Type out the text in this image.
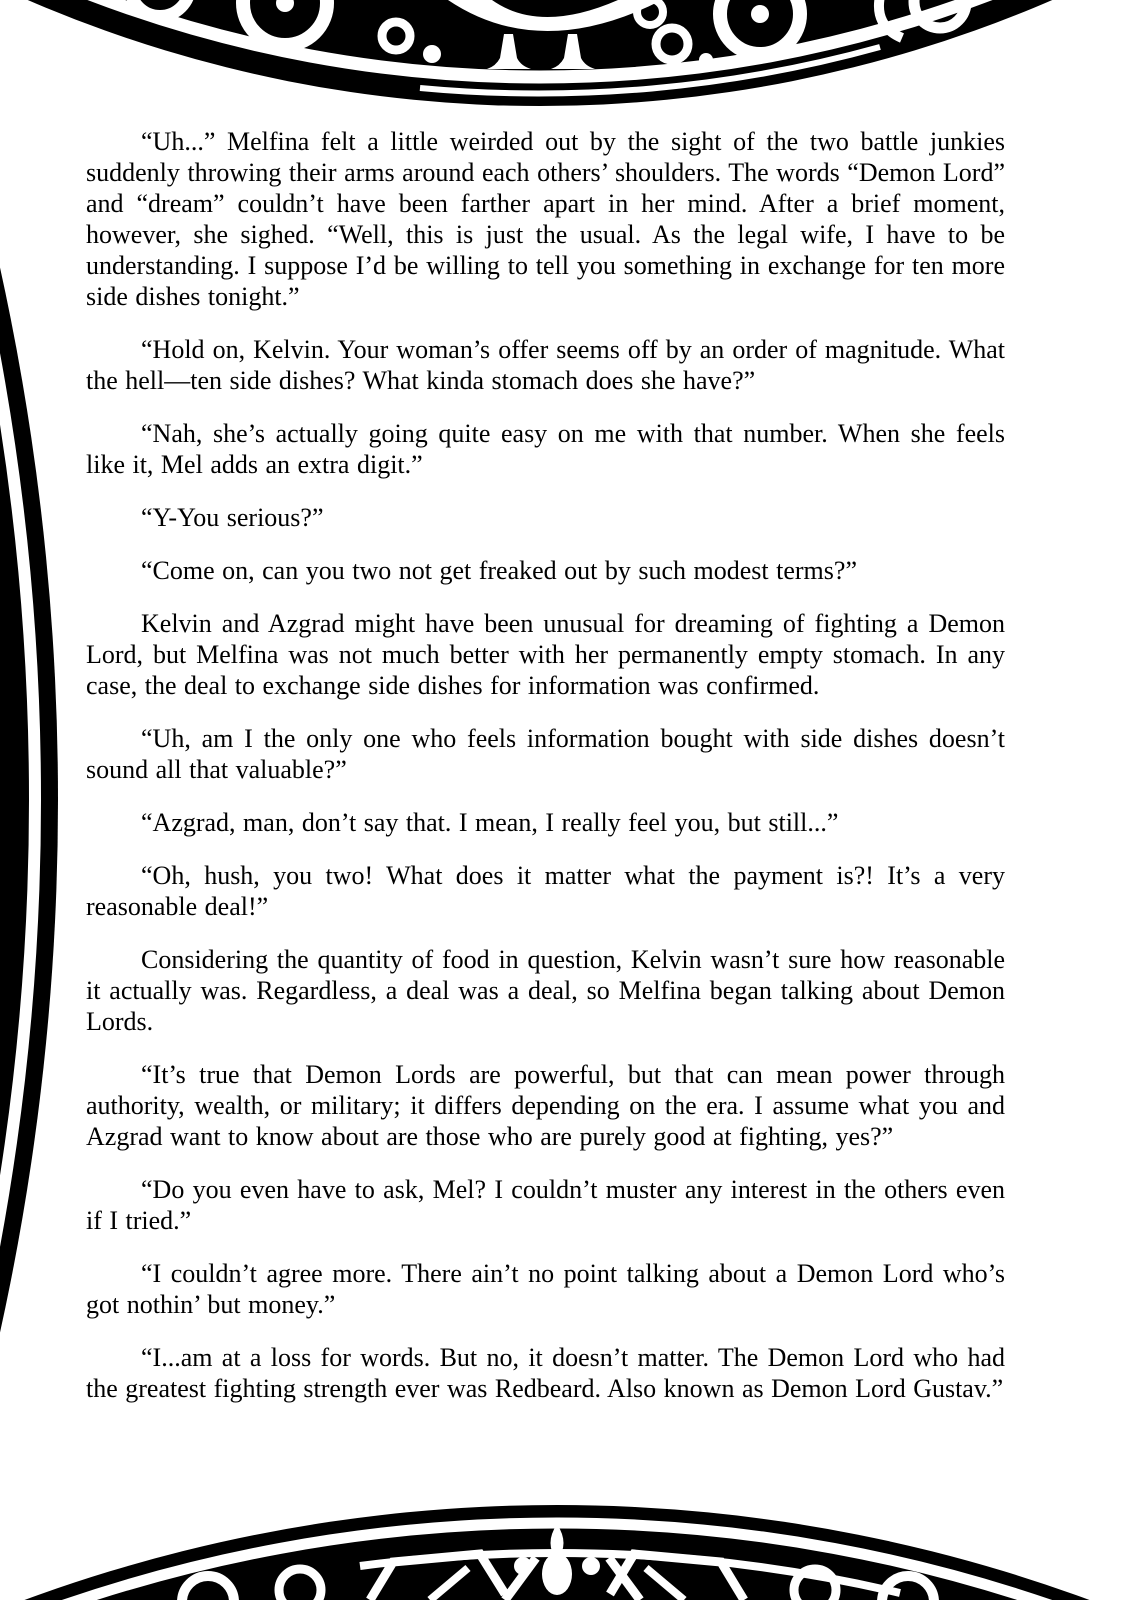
“Uh...” Melfina felt a little weirded out by the sight of the two battle junkies suddenly throwing their arms around each others’ shoulders. The words “Demon Lord” and “dream” couldn’t have been farther apart in her mind. After a brief moment, however, she sighed. “Well, this is just the usual. As the legal wife, I have to be understanding. I suppose I’d be willing to tell you something in exchange for ten more side dishes tonight.”

“Hold on, Kelvin. Your woman’s offer seems off by an order of magnitude. What the hell—ten side dishes? What kinda stomach does she have?”

“Nah, she’s actually going quite easy on me with that number. When she feels like it, Mel adds an extra digit.”

“Y-You serious?”

“Come on, can you two not get freaked out by such modest terms?”

Kelvin and Azgrad might have been unusual for dreaming of fighting a Demon Lord, but Melfina was not much better with her permanently empty stomach. In any case, the deal to exchange side dishes for information was confirmed.

“Uh, am I the only one who feels information bought with side dishes doesn’t sound all that valuable?”

“Azgrad, man, don’t say that. I mean, I really feel you, but still...”

“Oh, hush, you two! What does it matter what the payment is?! It’s a very reasonable deal!”

Considering the quantity of food in question, Kelvin wasn’t sure how reasonable it actually was. Regardless, a deal was a deal, so Melfina began talking about Demon Lords.

“It’s true that Demon Lords are powerful, but that can mean power through authority, wealth, or military; it differs depending on the era. I assume what you and Azgrad want to know about are those who are purely good at fighting, yes?”

“Do you even have to ask, Mel? I couldn’t muster any interest in the others even if I tried.”

“I couldn’t agree more. There ain’t no point talking about a Demon Lord who’s got nothin’ but money.”

“I...am at a loss for words. But no, it doesn’t matter. The Demon Lord who had the greatest fighting strength ever was Redbeard. Also known as Demon Lord Gustav.”
